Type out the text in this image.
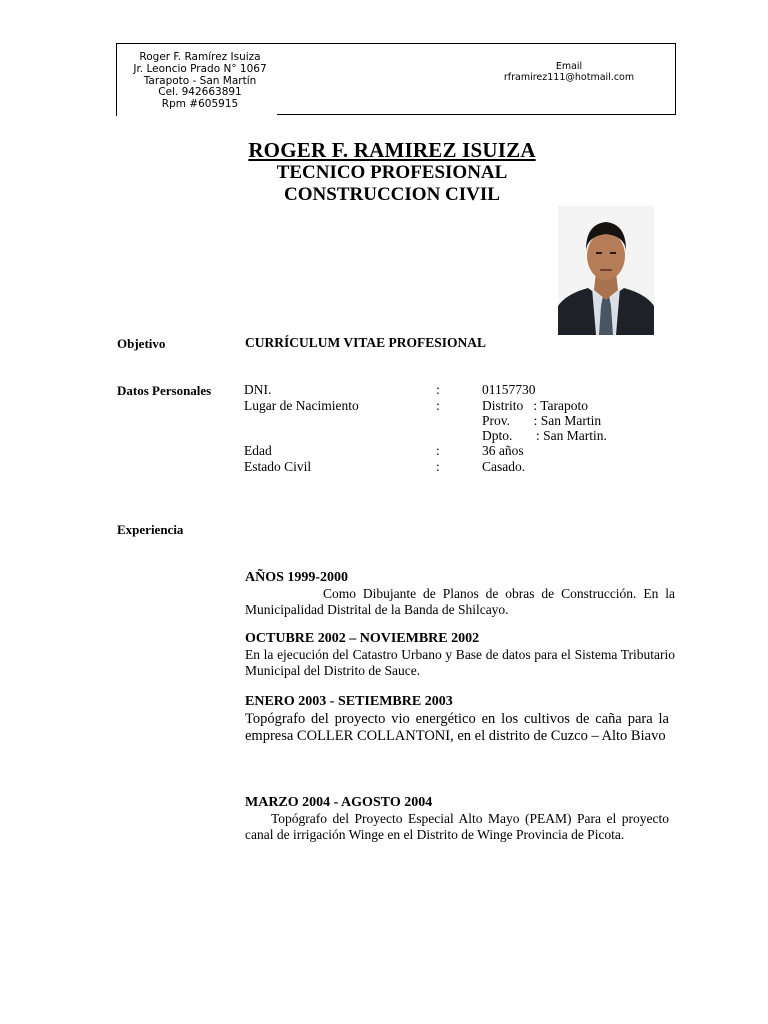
Roger F. Ramírez Isuiza
Jr. Leoncio Prado N° 1067
Tarapoto - San Martín
Cel. 942663891
Rpm #605915
Email
rframirez111@hotmail.com
ROGER F. RAMIREZ ISUIZA
TECNICO PROFESIONAL
CONSTRUCCION CIVIL
Objetivo	CURRÍCULUM VITAE PROFESIONAL
Datos Personales DNI.	:	01157730
Lugar de Nacimiento	:	Distrito   : Tarapoto
Prov.       : San Martin
Dpto.       : San Martin.
Edad	:	36 años
Estado Civil	:	Casado.
Experiencia
AÑOS 1999-2000
Como Dibujante de Planos de obras de Construcción. En la Municipalidad Distrital de la Banda de Shilcayo.
OCTUBRE 2002 – NOVIEMBRE 2002
En la ejecución del Catastro Urbano y Base de datos para el Sistema Tributario Municipal del Distrito de Sauce.
ENERO 2003 - SETIEMBRE 2003
Topógrafo del proyecto vio energético en los cultivos de caña para la empresa COLLER COLLANTONI, en el distrito de Cuzco – Alto Biavo
MARZO 2004 - AGOSTO 2004
Topógrafo del Proyecto Especial Alto Mayo (PEAM) Para el proyecto canal de irrigación Winge en el Distrito de Winge Provincia de Picota.
